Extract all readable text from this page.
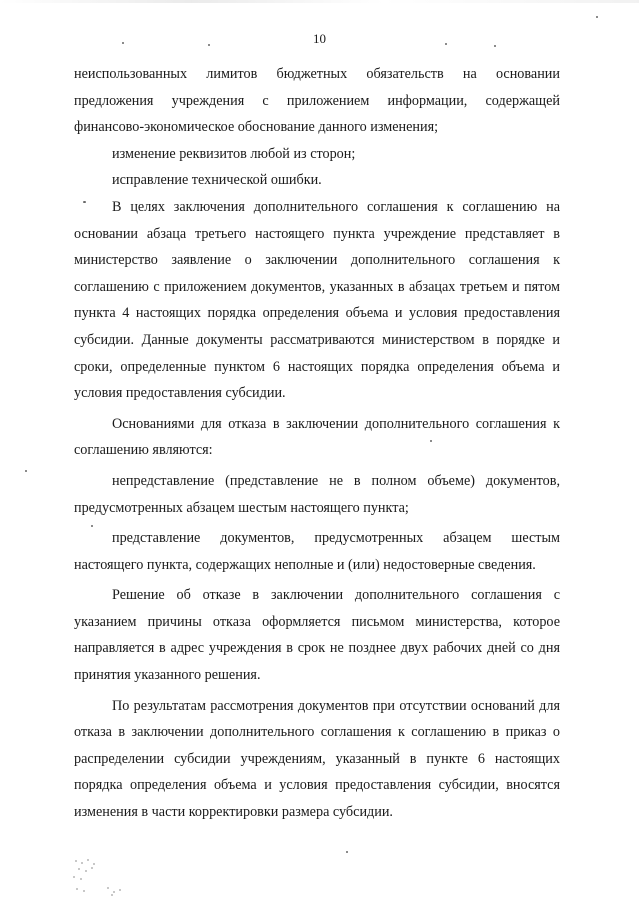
10

неиспользованных лимитов бюджетных обязательств на основании предложения учреждения с приложением информации, содержащей финансово-экономическое обоснование данного изменения;

изменение реквизитов любой из сторон;

исправление технической ошибки.

В целях заключения дополнительного соглашения к соглашению на основании абзаца третьего настоящего пункта учреждение представляет в министерство заявление о заключении дополнительного соглашения к соглашению с приложением документов, указанных в абзацах третьем и пятом пункта 4 настоящих порядка определения объема и условия предоставления субсидии. Данные документы рассматриваются министерством в порядке и сроки, определенные пунктом 6 настоящих порядка определения объема и условия предоставления субсидии.

Основаниями для отказа в заключении дополнительного соглашения к соглашению являются:

непредставление (представление не в полном объеме) документов, предусмотренных абзацем шестым настоящего пункта;

представление документов, предусмотренных абзацем шестым настоящего пункта, содержащих неполные и (или) недостоверные сведения.

Решение об отказе в заключении дополнительного соглашения с указанием причины отказа оформляется письмом министерства, которое направляется в адрес учреждения в срок не позднее двух рабочих дней со дня принятия указанного решения.

По результатам рассмотрения документов при отсутствии оснований для отказа в заключении дополнительного соглашения к соглашению в приказ о распределении субсидии учреждениям, указанный в пункте 6 настоящих порядка определения объема и условия предоставления субсидии, вносятся изменения в части корректировки размера субсидии.
